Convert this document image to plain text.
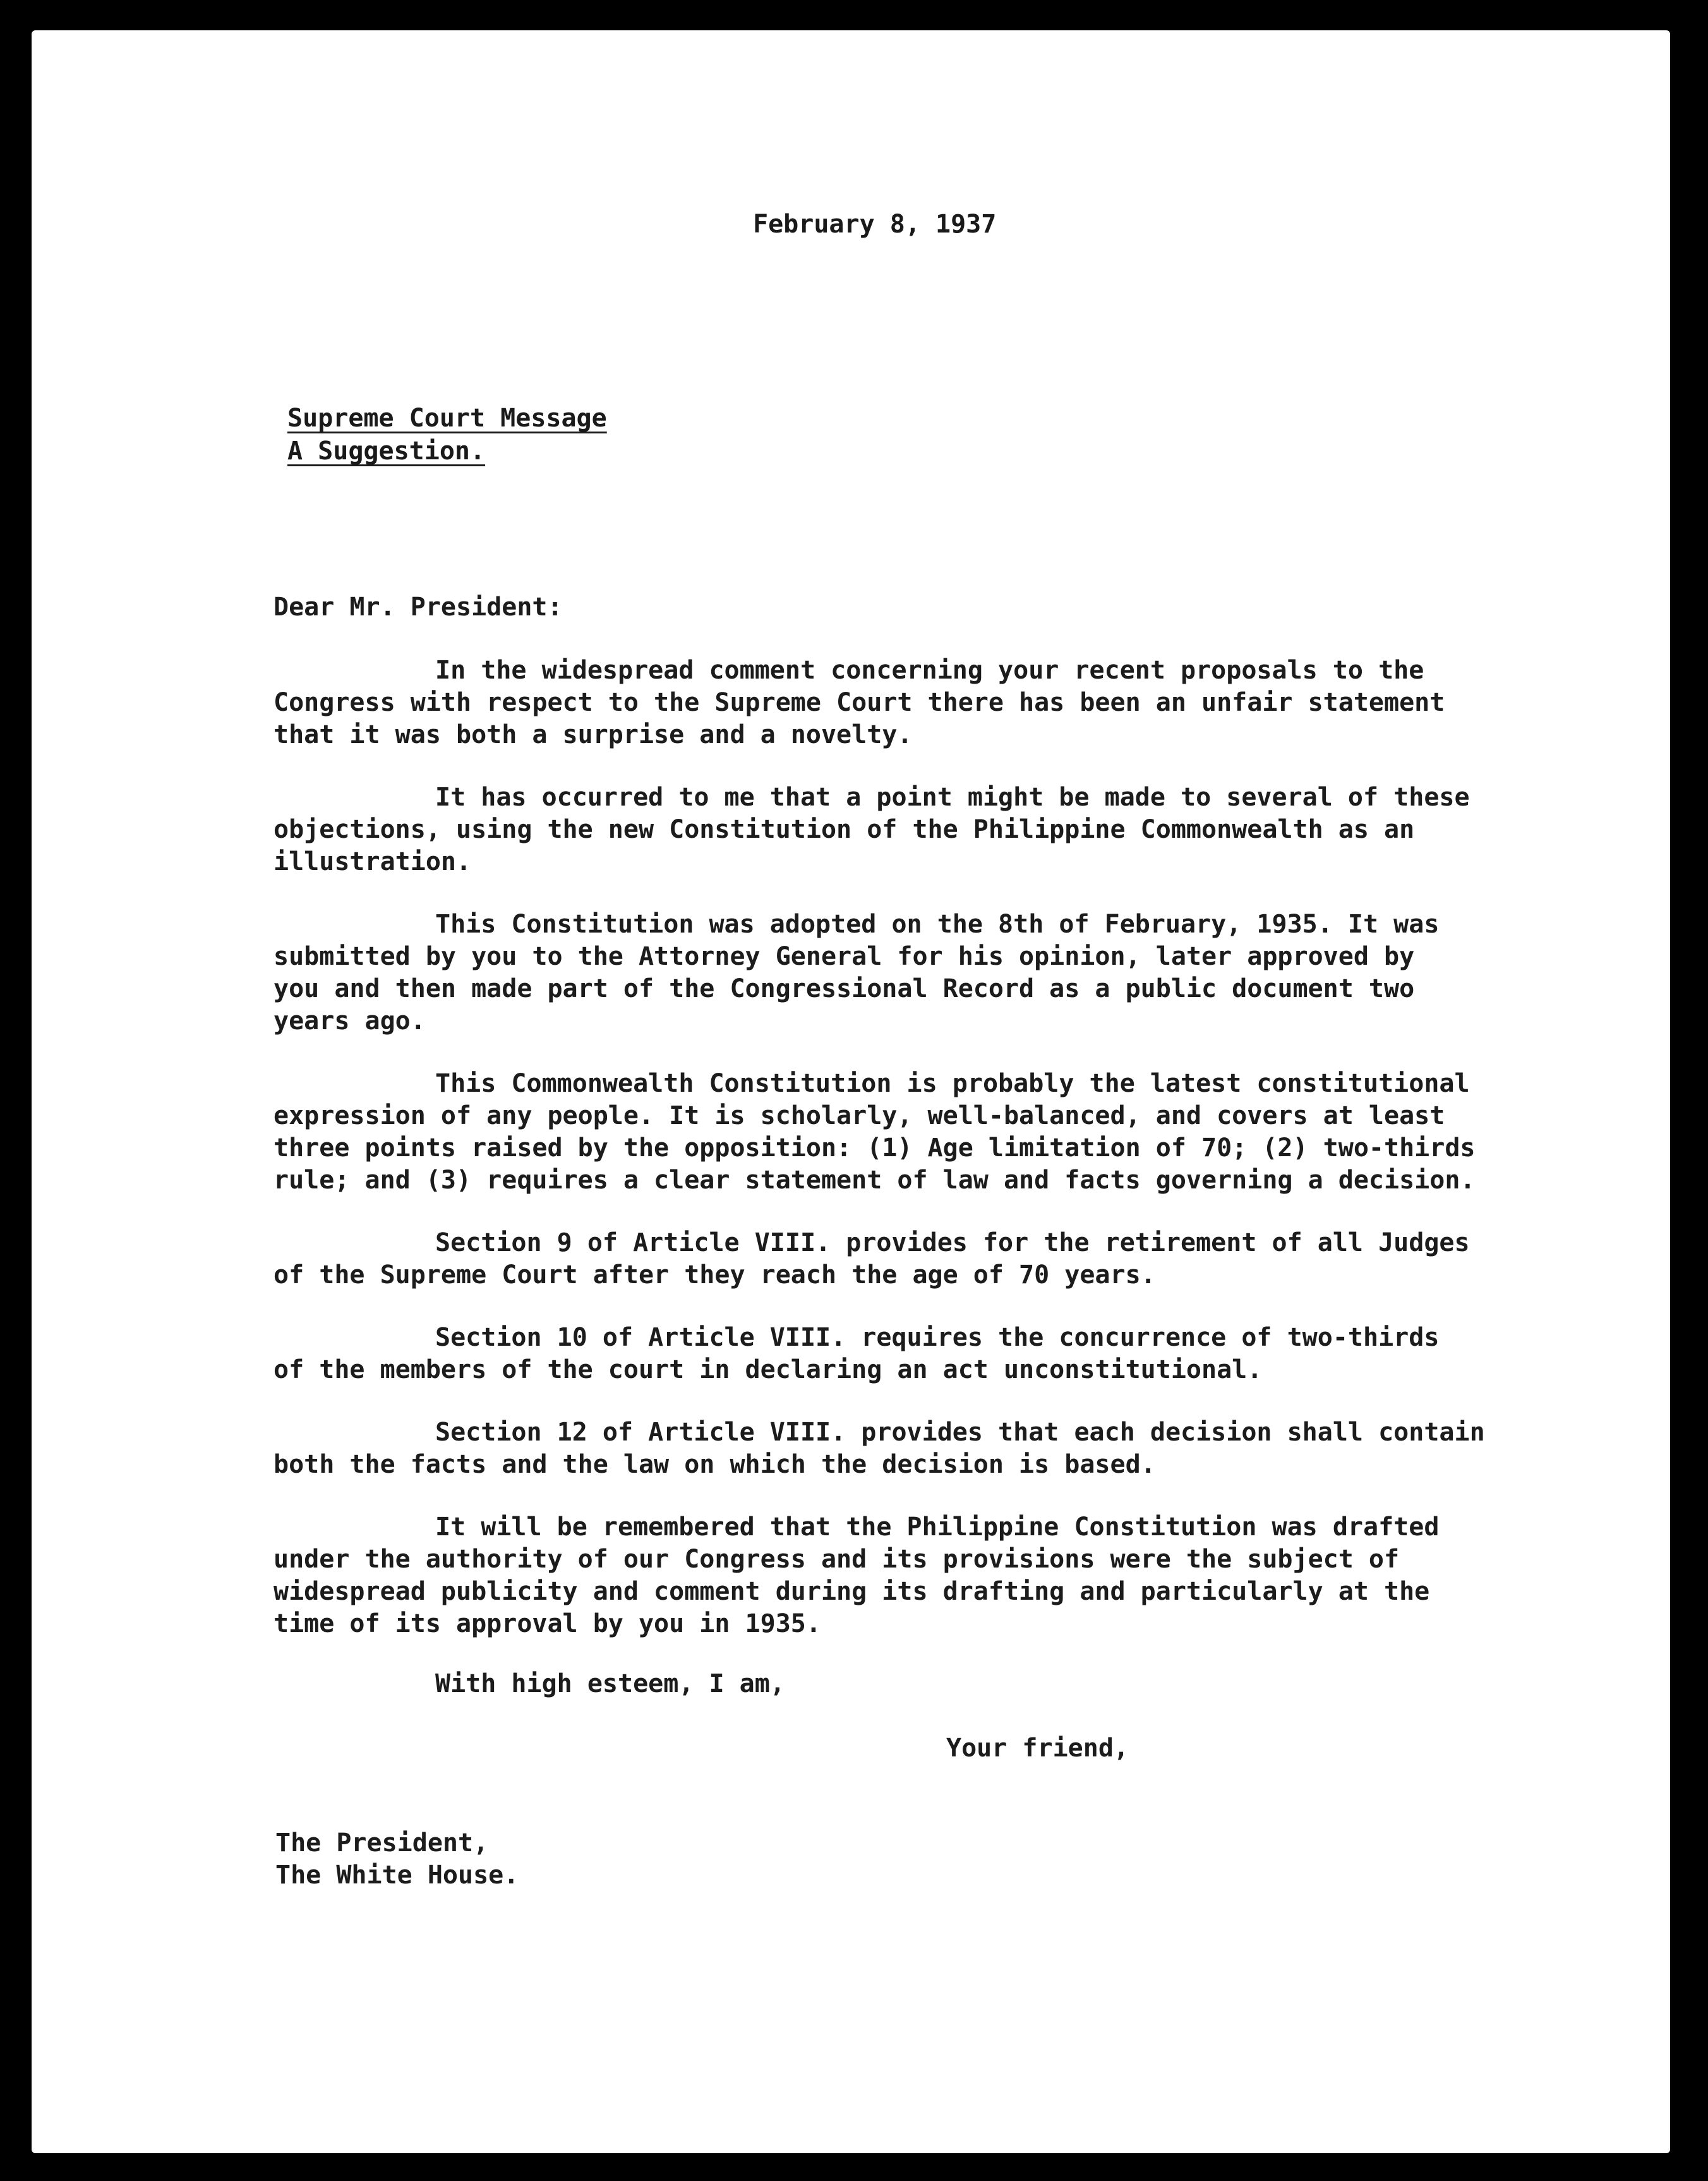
February 8, 1937
Supreme Court Message
A Suggestion.
Dear Mr. President:
In the widespread comment concerning your recent proposals to the
Congress with respect to the Supreme Court there has been an unfair statement
that it was both a surprise and a novelty.
It has occurred to me that a point might be made to several of these
objections, using the new Constitution of the Philippine Commonwealth as an
illustration.
This Constitution was adopted on the 8th of February, 1935. It was
submitted by you to the Attorney General for his opinion, later approved by
you and then made part of the Congressional Record as a public document two
years ago.
This Commonwealth Constitution is probably the latest constitutional
expression of any people. It is scholarly, well-balanced, and covers at least
three points raised by the opposition: (1) Age limitation of 70; (2) two-thirds
rule; and (3) requires a clear statement of law and facts governing a decision.
Section 9 of Article VIII. provides for the retirement of all Judges
of the Supreme Court after they reach the age of 70 years.
Section 10 of Article VIII. requires the concurrence of two-thirds
of the members of the court in declaring an act unconstitutional.
Section 12 of Article VIII. provides that each decision shall contain
both the facts and the law on which the decision is based.
It will be remembered that the Philippine Constitution was drafted
under the authority of our Congress and its provisions were the subject of
widespread publicity and comment during its drafting and particularly at the
time of its approval by you in 1935.
With high esteem, I am,
Your friend,
The President,
The White House.
